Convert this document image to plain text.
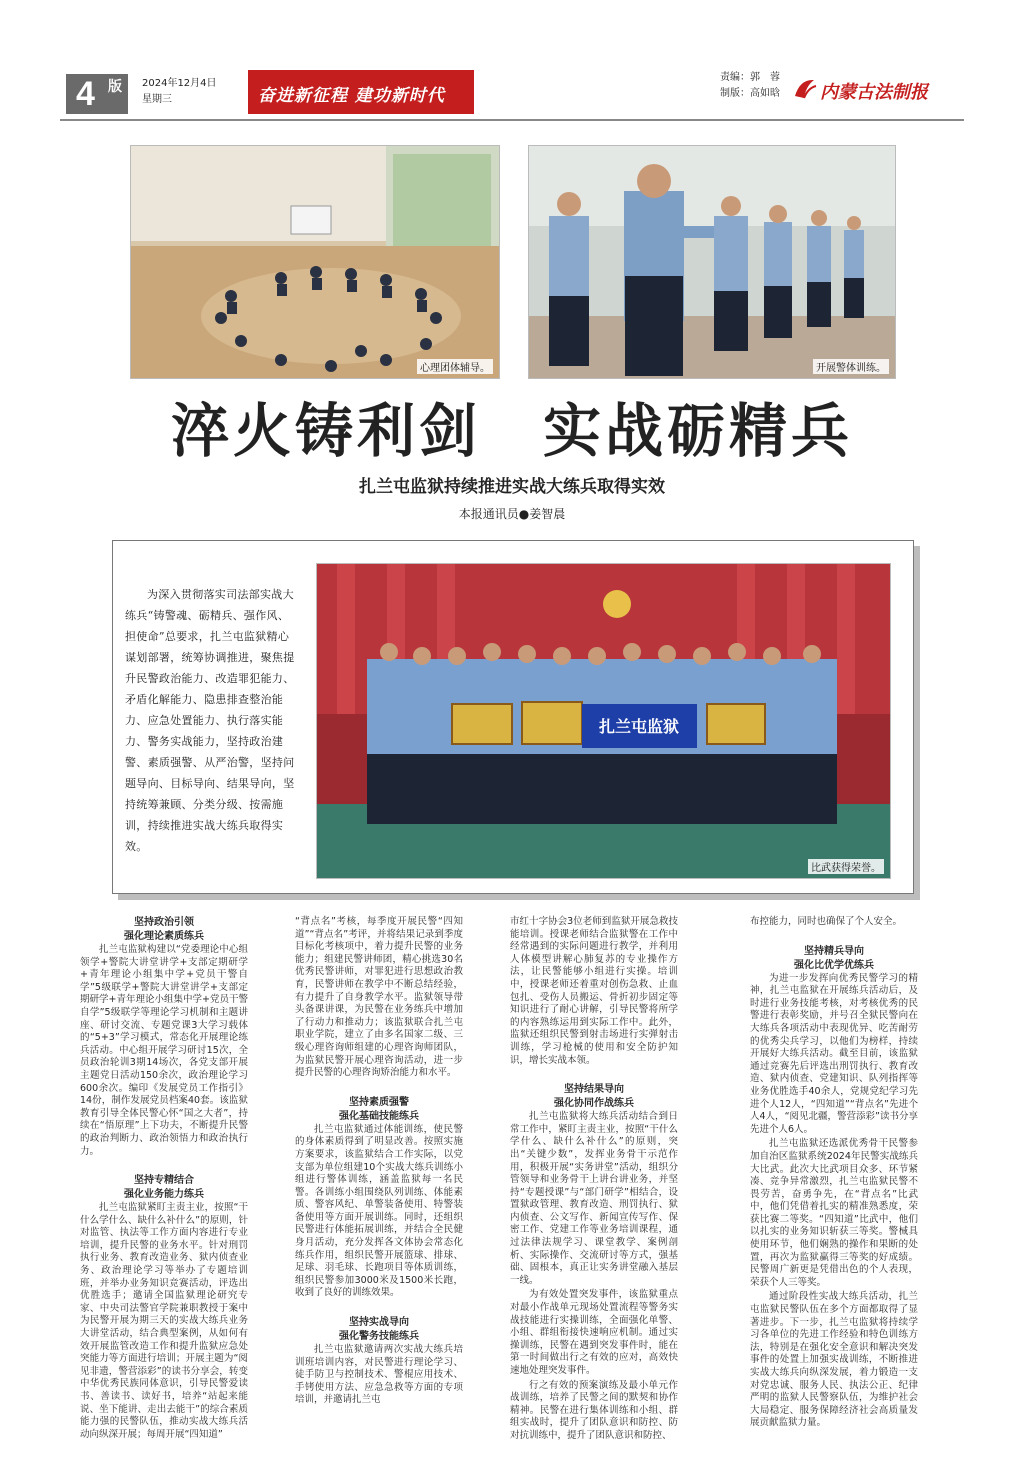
4 版 2024年12月4日
星期三	奋进新征程 建功新时代
责编：郭　蓉
制版：高如晗 内蒙古法制报
心理团体辅导。	开展警体训练。
淬火铸利剑　实战砺精兵
扎兰屯监狱持续推进实战大练兵取得实效
本报通讯员●姜智晨
为深入贯彻落实司法部实战大练兵“铸警魂、砺精兵、强作风、担使命”总要求，扎兰屯监狱精心谋划部署，统筹协调推进，聚焦提升民警政治能力、改造罪犯能力、矛盾化解能力、隐患排查整治能力、应急处置能力、执行落实能力、警务实战能力，坚持政治建警、素质强警、从严治警，坚持问题导向、目标导向、结果导向，坚持统筹兼顾、分类分级、按需施训，持续推进实战大练兵取得实效。
扎兰屯监狱
比武获得荣誉。
坚持政治引领
强化理论素质练兵

扎兰屯监狱构建以“党委理论中心组领学+警院大讲堂讲学+支部定期研学+青年理论小组集中学+党员干警自学”5级联学+警院大讲堂讲学+支部定期研学+青年理论小组集中学+党员干警自学”5级联学等理论学习机制和主题讲座、研讨交流、专题党课3大学习载体的“5+3”学习模式，常态化开展理论练兵活动。中心组开展学习研讨15次，全员政治轮训3期14场次，各党支部开展主题党日活动150余次，政治理论学习600余次。编印《发展党员工作指引》14份，制作发展党员档案40套。该监狱教育引导全体民警心怀“国之大者”，持续在“悟原理”上下功夫，不断提升民警的政治判断力、政治领悟力和政治执行力。

坚持专精结合
强化业务能力练兵

扎兰屯监狱紧盯主责主业，按照“干什么学什么、缺什么补什么”的原则，针对监管、执法等工作方面内容进行专业培训，提升民警的业务水平。针对刑罚执行业务、教育改造业务、狱内侦查业务、政治理论学习等举办了专题培训班，并举办业务知识竞赛活动，评选出优胜选手；邀请全国监狱理论研究专家、中央司法警官学院兼职教授于案中为民警开展为期三天的实战大练兵业务大讲堂活动，结合典型案例，从如何有效开展监管改造工作和提升监狱应急处突能力等方面进行培训；开展主题为“阅见非遗，警营添彩”的读书分享会，转变中华优秀民族同体意识，引导民警爱读书、善读书、读好书，培养“站起来能说、坐下能讲、走出去能干”的综合素质能力强的民警队伍，推动实战大练兵活动向纵深开展；每周开展“四知道”

“背点名”考核，每季度开展民警“四知道”“背点名”考评，并将结果记录到季度目标化考核项中，着力提升民警的业务能力；组建民警讲师团，精心挑选30名优秀民警讲师，对罪犯进行思想政治教育，民警讲师在教学中不断总结经验，有力提升了自身教学水平。监狱领导带头备课讲课，为民警在业务练兵中增加了行动力和推动力；该监狱联合扎兰屯职业学院，建立了由多名国家二级、三级心理咨询师组建的心理咨询师团队，为监狱民警开展心理咨询活动，进一步提升民警的心理咨询矫治能力和水平。

坚持素质强警
强化基础技能练兵

扎兰屯监狱通过体能训练，使民警的身体素质得到了明显改善。按照实施方案要求，该监狱结合工作实际，以党支部为单位组建10个实战大练兵训练小组进行警体训练，涵盖监狱每一名民警。各训练小组围绕队列训练、体能素质、警容风纪、单警装备使用、特警装备使用等方面开展训练。同时，还组织民警进行体能拓展训练，并结合全民健身月活动，充分发挥各文体协会常态化练兵作用，组织民警开展篮球、排球、足球、羽毛球、长跑项目等体质训练，组织民警参加3000米及1500米长跑，收到了良好的训练效果。

坚持实战导向
强化警务技能练兵

扎兰屯监狱邀请两次实战大练兵培训班培训内容，对民警进行理论学习、徒手防卫与控制技术、警棍应用技术、手铐使用方法、应急急救等方面的专项培训，并邀请扎兰屯

市红十字协会3位老师到监狱开展急救技能培训。授课老师结合监狱警在工作中经常遇到的实际问题进行教学，并利用人体模型讲解心肺复苏的专业操作方法，让民警能够小组进行实操。培训中，授课老师还着重对创伤急救、止血包扎、受伤人员搬运、骨折初步固定等知识进行了耐心讲解，引导民警将所学的内容熟练运用到实际工作中。此外，监狱还组织民警到射击场进行实弹射击训练，学习枪械的使用和安全防护知识，增长实战本领。

坚持结果导向
强化协同作战练兵

扎兰屯监狱将大练兵活动结合到日常工作中，紧盯主责主业，按照“干什么学什么、缺什么补什么”的原则，突出“关键少数”，发挥业务骨干示范作用，积极开展“实务讲堂”活动，组织分管领导和业务骨干上讲台讲业务，并坚持“专题授课”与“部门研学”相结合，设置狱政管理、教育改造、刑罚执行、狱内侦查、公文写作、新闻宣传写作、保密工作、党建工作等业务培训课程，通过法律法规学习、课堂教学、案例剖析、实际操作、交流研讨等方式，强基础、固根本，真正让实务讲堂融入基层一线。

为有效处置突发事件，该监狱重点对最小作战单元现场处置流程等警务实战技能进行实操训练，全面强化单警、小组、群组衔接快速响应机制。通过实操训练，民警在遇到突发事件时，能在第一时间做出行之有效的应对，高效快速地处理突发事件。

行之有效的预案演练及最小单元作战训练，培养了民警之间的默契和协作精神。民警在进行集体训练和小组、群组实战时，提升了团队意识和防控、防对抗训练中，提升了团队意识和防控、

布控能力，同时也确保了个人安全。

坚持精兵导向
强化比优学优练兵

为进一步发挥向优秀民警学习的精神，扎兰屯监狱在开展练兵活动后，及时进行业务技能考核，对考核优秀的民警进行表彰奖励，并号召全狱民警向在大练兵各项活动中表现优异、吃苦耐劳的优秀尖兵学习，以他们为榜样，持续开展好大练兵活动。截至目前，该监狱通过竞赛先后评选出刑罚执行、教育改造、狱内侦查、党建知识、队列指挥等业务优胜选手40余人，党规党纪学习先进个人12人，“四知道”“背点名”先进个人4人，“阅见北疆，警营添彩”读书分享先进个人6人。

扎兰屯监狱还选派优秀骨干民警参加自治区监狱系统2024年民警实战练兵大比武。此次大比武项目众多、环节紧凑、竞争异常激烈，扎兰屯监狱民警不畏劳苦，奋勇争先，在“背点名”比武中，他们凭借着扎实的精准熟悉度，荣获比赛二等奖。“四知道”比武中，他们以扎实的业务知识斩获三等奖。警械具使用环节，他们娴熟的操作和果断的处置，再次为监狱赢得三等奖的好成绩。民警周广新更是凭借出色的个人表现，荣获个人三等奖。

通过阶段性实战大练兵活动，扎兰屯监狱民警队伍在多个方面都取得了显著进步。下一步，扎兰屯监狱将持续学习各单位的先进工作经验和特色训练方法，特别是在强化安全意识和解决突发事件的处置上加强实战训练，不断推进实战大练兵向纵深发展，着力锻造一支对党忠诚、服务人民、执法公正、纪律严明的监狱人民警察队伍，为维护社会大局稳定、服务保障经济社会高质量发展贡献监狱力量。
